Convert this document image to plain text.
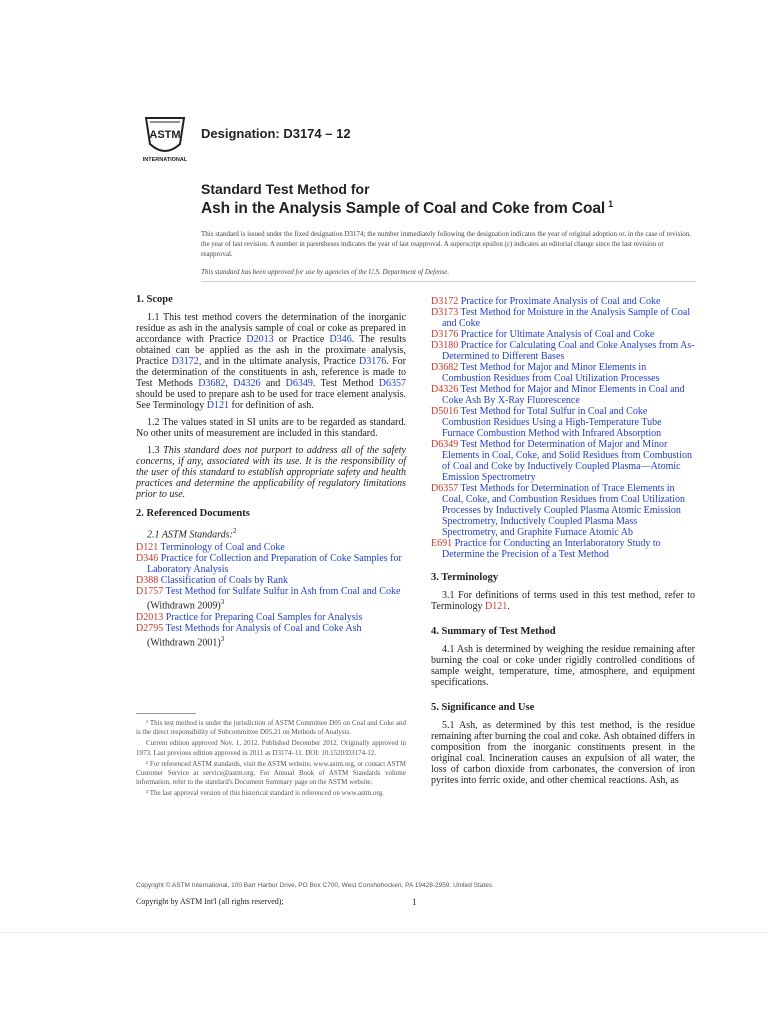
ASTM
INTERNATIONAL
Designation: D3174 – 12
Standard Test Method for
Ash in the Analysis Sample of Coal and Coke from Coal $^1$
This standard is issued under the fixed designation D3174; the number immediately following the designation indicates the year of original adoption or, in the case of revision, the year of last revision. A number in parentheses indicates the year of last reapproval. A superscript epsilon (ε) indicates an editorial change since the last revision or reapproval.
This standard has been approved for use by agencies of the U.S. Department of Defense.
1. Scope

1.1 This test method covers the determination of the inorganic residue as ash in the analysis sample of coal or coke as prepared in accordance with Practice D2013 or Practice D346. The results obtained can be applied as the ash in the proximate analysis, Practice D3172, and in the ultimate analysis, Practice D3176. For the determination of the constituents in ash, reference is made to Test Methods D3682, D4326 and D6349. Test Method D6357 should be used to prepare ash to be used for trace element analysis. See Terminology D121 for definition of ash.

1.2 The values stated in SI units are to be regarded as standard. No other units of measurement are included in this standard.

1.3 This standard does not purport to address all of the safety concerns, if any, associated with its use. It is the responsibility of the user of this standard to establish appropriate safety and health practices and determine the applicability of regulatory limitations prior to use.

2. Referenced Documents

2.1 ASTM Standards:$^2$

D121 Terminology of Coal and Coke
D346 Practice for Collection and Preparation of Coke Samples for Laboratory Analysis
D388 Classification of Coals by Rank
D1757 Test Method for Sulfate Sulfur in Ash from Coal and Coke (Withdrawn 2009)$^3$
D2013 Practice for Preparing Coal Samples for Analysis
D2795 Test Methods for Analysis of Coal and Coke Ash (Withdrawn 2001)$^3$
D3172 Practice for Proximate Analysis of Coal and Coke
D3173 Test Method for Moisture in the Analysis Sample of Coal and Coke
D3176 Practice for Ultimate Analysis of Coal and Coke
D3180 Practice for Calculating Coal and Coke Analyses from As-Determined to Different Bases
D3682 Test Method for Major and Minor Elements in Combustion Residues from Coal Utilization Processes
D4326 Test Method for Major and Minor Elements in Coal and Coke Ash By X-Ray Fluorescence
D5016 Test Method for Total Sulfur in Coal and Coke Combustion Residues Using a High-Temperature Tube Furnace Combustion Method with Infrared Absorption
D6349 Test Method for Determination of Major and Minor Elements in Coal, Coke, and Solid Residues from Combustion of Coal and Coke by Inductively Coupled Plasma—Atomic Emission Spectrometry
D6357 Test Methods for Determination of Trace Elements in Coal, Coke, and Combustion Residues from Coal Utilization Processes by Inductively Coupled Plasma Atomic Emission Spectrometry, Inductively Coupled Plasma Mass Spectrometry, and Graphite Furnace Atomic Ab
E691 Practice for Conducting an Interlaboratory Study to Determine the Precision of a Test Method
3. Terminology

3.1 For definitions of terms used in this test method, refer to Terminology D121.

4. Summary of Test Method

4.1 Ash is determined by weighing the residue remaining after burning the coal or coke under rigidly controlled conditions of sample weight, temperature, time, atmosphere, and equipment specifications.

5. Significance and Use

5.1 Ash, as determined by this test method, is the residue remaining after burning the coal and coke. Ash obtained differs in composition from the inorganic constituents present in the original coal. Incineration causes an expulsion of all water, the loss of carbon dioxide from carbonates, the conversion of iron pyrites into ferric oxide, and other chemical reactions. Ash, as

¹ This test method is under the jurisdiction of ASTM Committee D05 on Coal and Coke and is the direct responsibility of Subcommittee D05.21 on Methods of Analysis.

Current edition approved Nov. 1, 2012. Published December 2012. Originally approved in 1973. Last previous edition approved in 2011 as D3174–11. DOI: 10.1520/D3174-12.

² For referenced ASTM standards, visit the ASTM website, www.astm.org, or contact ASTM Customer Service at service@astm.org. For Annual Book of ASTM Standards volume information, refer to the standard's Document Summary page on the ASTM website.

³ The last approval version of this historical standard is referenced on www.astm.org.

Copyright © ASTM International, 100 Barr Harbor Drive, PO Box C700, West Conshohocken, PA 19428-2959. United States
Copyright by ASTM Int'l (all rights reserved);	1
